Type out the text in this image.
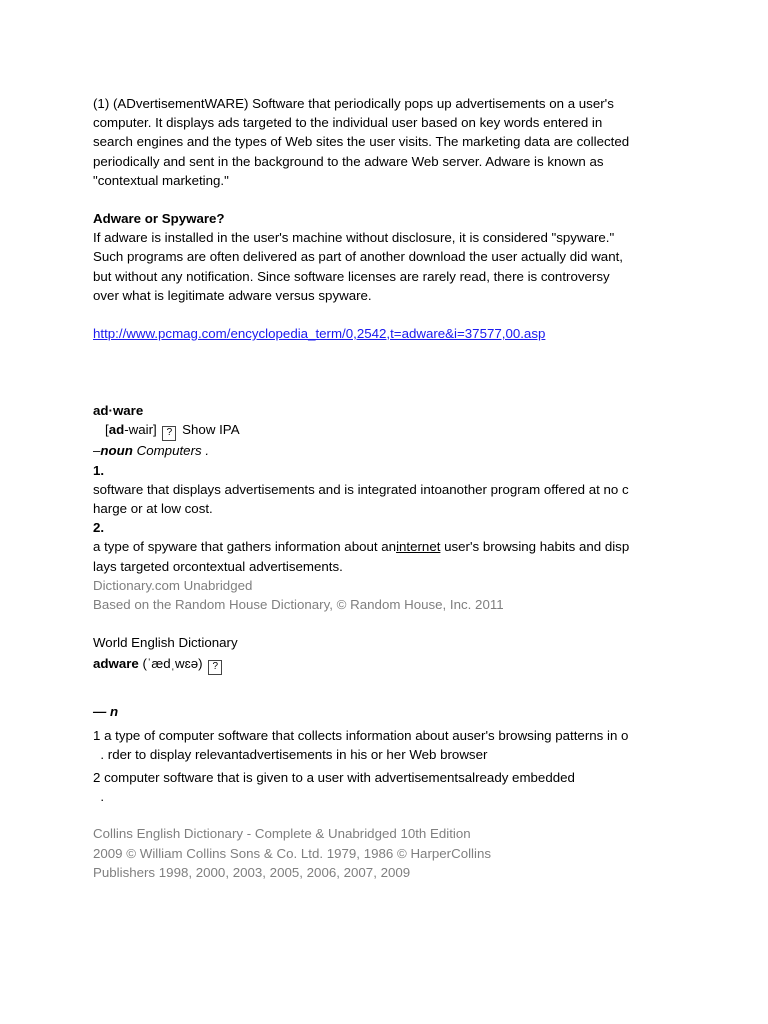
(1) (ADvertisementWARE) Software that periodically pops up advertisements on a user's

computer. It displays ads targeted to the individual user based on key words entered in

search engines and the types of Web sites the user visits. The marketing data are collected

periodically and sent in the background to the adware Web server. Adware is known as

"contextual marketing."

Adware or Spyware?

If adware is installed in the user's machine without disclosure, it is considered "spyware."

Such programs are often delivered as part of another download the user actually did want,

but without any notification. Since software licenses are rarely read, there is controversy

over what is legitimate adware versus spyware.

http://www.pcmag.com/encyclopedia_term/0,2542,t=adware&i=37577,00.asp

ad·ware

[ad-wair] ? Show IPA

–noun Computers .

1.

software that displays advertisements and is integrated intoanother program offered at no c

harge or at low cost.

2.

a type of spyware that gathers information about aninternet user's browsing habits and disp

lays targeted orcontextual advertisements.

Dictionary.com Unabridged

Based on the Random House Dictionary, © Random House, Inc. 2011

World English Dictionary

adware (ˈædˌwɛə) ?

— n

1 a type of computer software that collects information about auser's browsing patterns in o

. rder to display relevantadvertisements in his or her Web browser

2 computer software that is given to a user with advertisementsalready embedded

.

Collins English Dictionary - Complete & Unabridged 10th Edition

2009 © William Collins Sons & Co. Ltd. 1979, 1986 © HarperCollins

Publishers 1998, 2000, 2003, 2005, 2006, 2007, 2009
